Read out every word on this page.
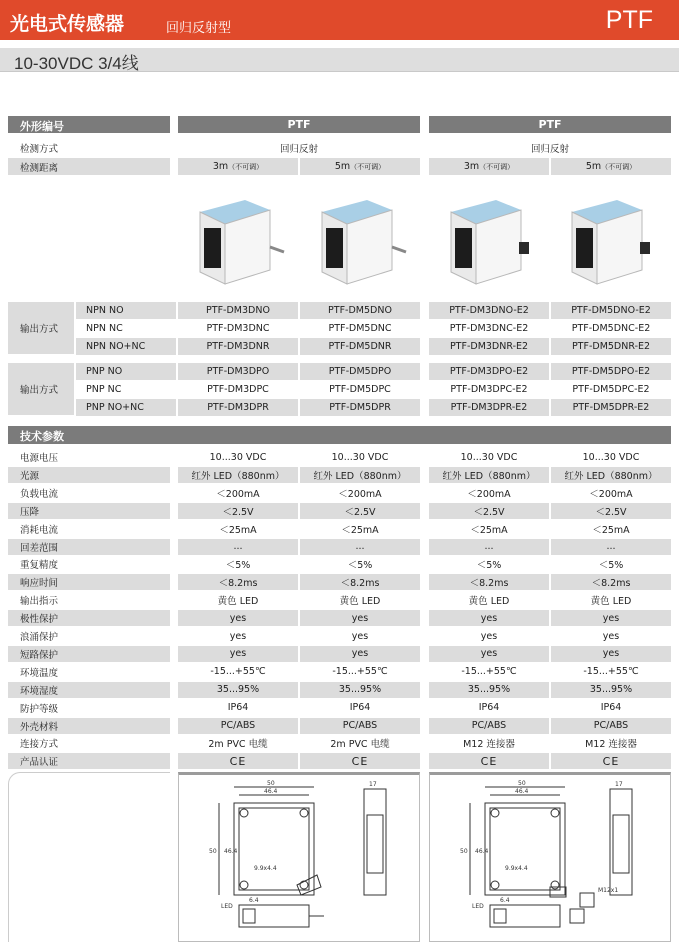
光电式传感器	回归反射型	PTF
10-30VDC 3/4线
外形编号	PTF	PTF
检测方式	回归反射	回归反射
检测距离	3m （不可调）	5m （不可调）	3m （不可调）	5m （不可调）
输出方式
NPN NO	PTF-DM3DNO	PTF-DM5DNO	PTF-DM3DNO-E2	PTF-DM5DNO-E2
NPN NC	PTF-DM3DNC	PTF-DM5DNC	PTF-DM3DNC-E2	PTF-DM5DNC-E2
NPN NO+NC	PTF-DM3DNR	PTF-DM5DNR	PTF-DM3DNR-E2	PTF-DM5DNR-E2
输出方式
PNP NO	PTF-DM3DPO	PTF-DM5DPO	PTF-DM3DPO-E2	PTF-DM5DPO-E2
PNP NC	PTF-DM3DPC	PTF-DM5DPC	PTF-DM3DPC-E2	PTF-DM5DPC-E2
PNP NO+NC	PTF-DM3DPR	PTF-DM5DPR	PTF-DM3DPR-E2	PTF-DM5DPR-E2
技术参数
电源电压	10...30 VDC	10...30 VDC	10...30 VDC	10...30 VDC
光源	红外 LED（880nm）	红外 LED（880nm）	红外 LED（880nm）	红外 LED（880nm）
负载电流	＜200mA	＜200mA	＜200mA	＜200mA
压降	＜2.5V	＜2.5V	＜2.5V	＜2.5V
消耗电流	＜25mA	＜25mA	＜25mA	＜25mA
回差范围	...	...	...	...
重复精度	＜5%	＜5%	＜5%	＜5%
响应时间	＜8.2ms	＜8.2ms	＜8.2ms	＜8.2ms
输出指示	黄色 LED	黄色 LED	黄色 LED	黄色 LED
极性保护	yes	yes	yes	yes
浪涌保护	yes	yes	yes	yes
短路保护	yes	yes	yes	yes
环境温度	-15...+55℃	-15...+55℃	-15...+55℃	-15...+55℃
环境湿度	35...95%	35...95%	35...95%	35...95%
防护等级	IP64	IP64	IP64	IP64
外壳材料	PC/ABS	PC/ABS	PC/ABS	PC/ABS
连接方式	2m PVC 电缆	2m PVC 电缆	M12 连接器	M12 连接器
产品认证	CE	CE	CE	CE
50
46.4
17
50 46.4
9.9x4.4
6.4
LED
50
46.4
17
50 46.4
9.9x4.4
6.4
M12x1
LED
